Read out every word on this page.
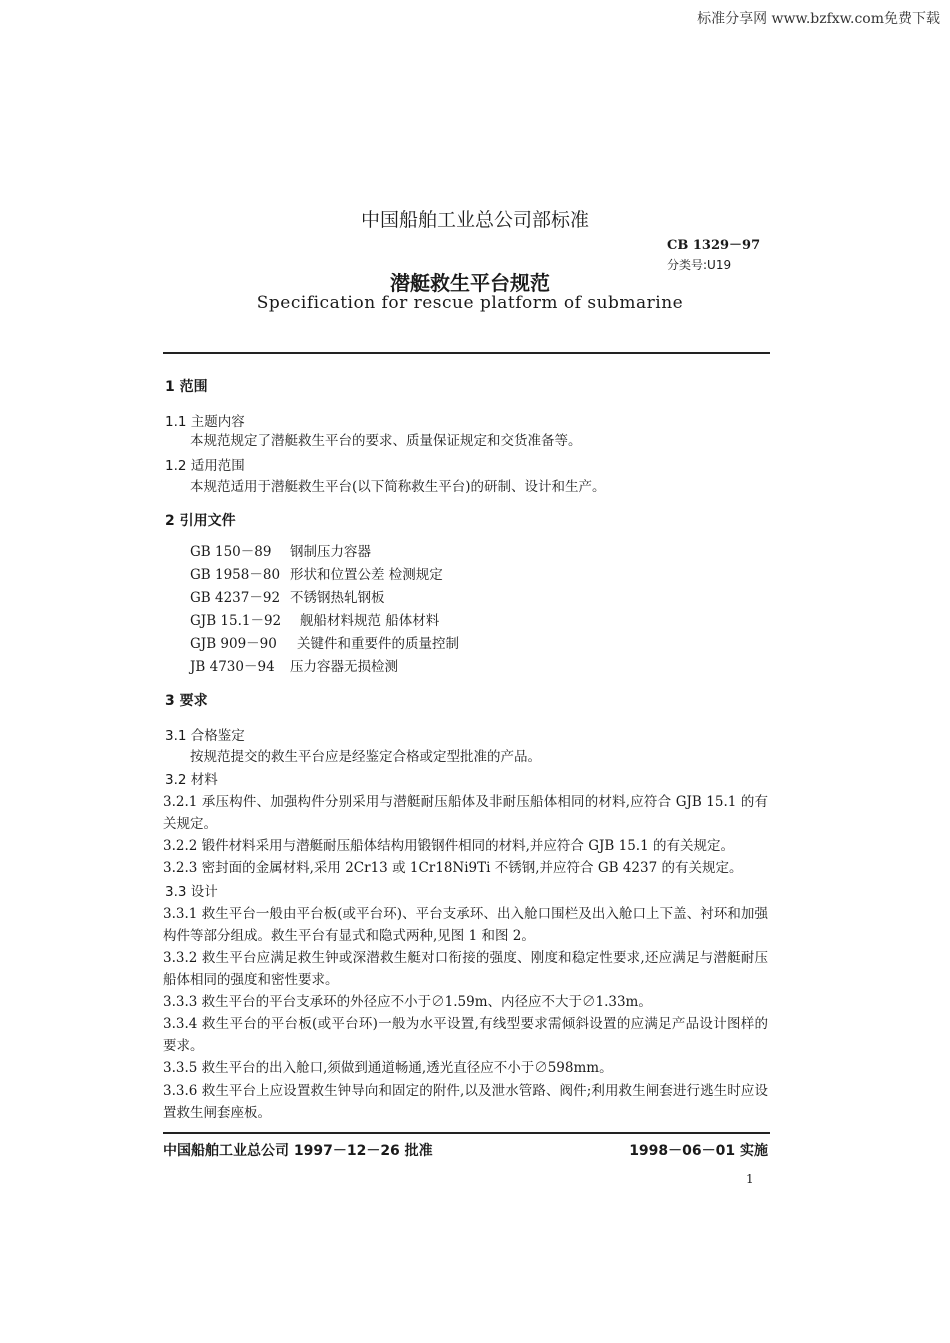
标准分享网 www.bzfxw.com免费下载
中国船舶工业总公司部标准
CB 1329－97
分类号:U19
潜艇救生平台规范
Specification for rescue platform of submarine
1 范围
1.1 主题内容
本规范规定了潜艇救生平台的要求、质量保证规定和交货准备等。
1.2 适用范围
本规范适用于潜艇救生平台(以下简称救生平台)的研制、设计和生产。
2 引用文件
GB 150－89 钢制压力容器
GB 1958－80 形状和位置公差 检测规定
GB 4237－92 不锈钢热轧钢板
GJB 15.1－92 舰船材料规范 船体材料
GJB 909－90 关键件和重要件的质量控制
JB 4730－94 压力容器无损检测
3 要求
3.1 合格鉴定
按规范提交的救生平台应是经鉴定合格或定型批准的产品。
3.2 材料
3.2.1 承压构件、加强构件分别采用与潜艇耐压船体及非耐压船体相同的材料,应符合 GJB 15.1 的有关规定。
3.2.2 锻件材料采用与潜艇耐压船体结构用锻钢件相同的材料,并应符合 GJB 15.1 的有关规定。
3.2.3 密封面的金属材料,采用 2Cr13 或 1Cr18Ni9Ti 不锈钢,并应符合 GB 4237 的有关规定。
3.3 设计
3.3.1 救生平台一般由平台板(或平台环)、平台支承环、出入舱口围栏及出入舱口上下盖、衬环和加强构件等部分组成。救生平台有显式和隐式两种,见图 1 和图 2。
3.3.2 救生平台应满足救生钟或深潜救生艇对口衔接的强度、刚度和稳定性要求,还应满足与潜艇耐压船体相同的强度和密性要求。
3.3.3 救生平台的平台支承环的外径应不小于∅1.59m、内径应不大于∅1.33m。
3.3.4 救生平台的平台板(或平台环)一般为水平设置,有线型要求需倾斜设置的应满足产品设计图样的要求。
3.3.5 救生平台的出入舱口,须做到通道畅通,透光直径应不小于∅598mm。
3.3.6 救生平台上应设置救生钟导向和固定的附件,以及泄水管路、阀件;利用救生闸套进行逃生时应设置救生闸套座板。
中国船舶工业总公司 1997－12－26 批准	1998－06－01 实施
1
